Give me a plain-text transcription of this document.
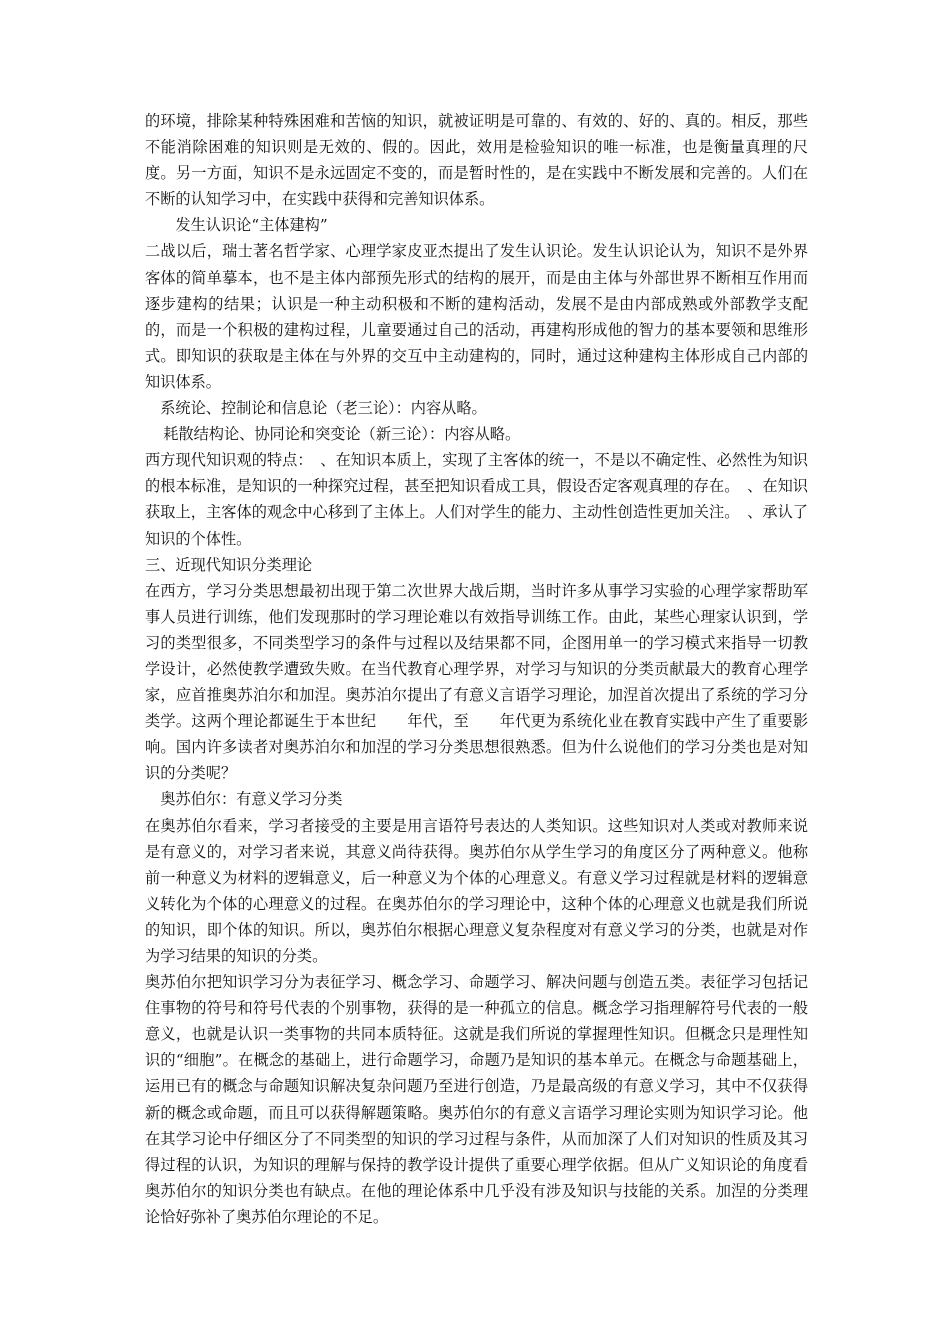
的环境，排除某种特殊困难和苦恼的知识，就被证明是可靠的、有效的、好的、真的。相反，那些不能消除困难的知识则是无效的、假的。因此，效用是检验知识的唯一标准，也是衡量真理的尺度。另一方面，知识不是永远固定不变的，而是暂时性的，是在实践中不断发展和完善的。人们在不断的认知学习中，在实践中获得和完善知识体系。

发生认识论“主体建构”

二战以后，瑞士著名哲学家、心理学家皮亚杰提出了发生认识论。发生认识论认为，知识不是外界客体的简单摹本，也不是主体内部预先形式的结构的展开，而是由主体与外部世界不断相互作用而逐步建构的结果；认识是一种主动积极和不断的建构活动，发展不是由内部成熟或外部教学支配的，而是一个积极的建构过程，儿童要通过自己的活动，再建构形成他的智力的基本要领和思维形式。即知识的获取是主体在与外界的交互中主动建构的，同时，通过这种建构主体形成自己内部的知识体系。

系统论、控制论和信息论（老三论）：内容从略。

耗散结构论、协同论和突变论（新三论）：内容从略。

西方现代知识观的特点：　、在知识本质上，实现了主客体的统一，不是以不确定性、必然性为知识的根本标准，是知识的一种探究过程，甚至把知识看成工具，假设否定客观真理的存在。　、在知识获取上，主客体的观念中心移到了主体上。人们对学生的能力、主动性创造性更加关注。　、承认了知识的个体性。

三、近现代知识分类理论

在西方，学习分类思想最初出现于第二次世界大战后期，当时许多从事学习实验的心理学家帮助军事人员进行训练，他们发现那时的学习理论难以有效指导训练工作。由此，某些心理家认识到，学习的类型很多，不同类型学习的条件与过程以及结果都不同，企图用单一的学习模式来指导一切教学设计，必然使教学遭致失败。在当代教育心理学界，对学习与知识的分类贡献最大的教育心理学家，应首推奥苏泊尔和加涅。奥苏泊尔提出了有意义言语学习理论，加涅首次提出了系统的学习分类学。这两个理论都诞生于本世纪　　年代，至　　年代更为系统化业在教育实践中产生了重要影响。国内许多读者对奥苏泊尔和加涅的学习分类思想很熟悉。但为什么说他们的学习分类也是对知识的分类呢？

奥苏伯尔：有意义学习分类

在奥苏伯尔看来，学习者接受的主要是用言语符号表达的人类知识。这些知识对人类或对教师来说是有意义的，对学习者来说，其意义尚待获得。奥苏伯尔从学生学习的角度区分了两种意义。他称前一种意义为材料的逻辑意义，后一种意义为个体的心理意义。有意义学习过程就是材料的逻辑意义转化为个体的心理意义的过程。在奥苏伯尔的学习理论中，这种个体的心理意义也就是我们所说的知识，即个体的知识。所以，奥苏伯尔根据心理意义复杂程度对有意义学习的分类，也就是对作为学习结果的知识的分类。

奥苏伯尔把知识学习分为表征学习、概念学习、命题学习、解决问题与创造五类。表征学习包括记住事物的符号和符号代表的个别事物，获得的是一种孤立的信息。概念学习指理解符号代表的一般意义，也就是认识一类事物的共同本质特征。这就是我们所说的掌握理性知识。但概念只是理性知识的“细胞”。在概念的基础上，进行命题学习，命题乃是知识的基本单元。在概念与命题基础上，运用已有的概念与命题知识解决复杂问题乃至进行创造，乃是最高级的有意义学习，其中不仅获得新的概念或命题，而且可以获得解题策略。奥苏伯尔的有意义言语学习理论实则为知识学习论。他在其学习论中仔细区分了不同类型的知识的学习过程与条件，从而加深了人们对知识的性质及其习得过程的认识，为知识的理解与保持的教学设计提供了重要心理学依据。但从广义知识论的角度看奥苏伯尔的知识分类也有缺点。在他的理论体系中几乎没有涉及知识与技能的关系。加涅的分类理论恰好弥补了奥苏伯尔理论的不足。
